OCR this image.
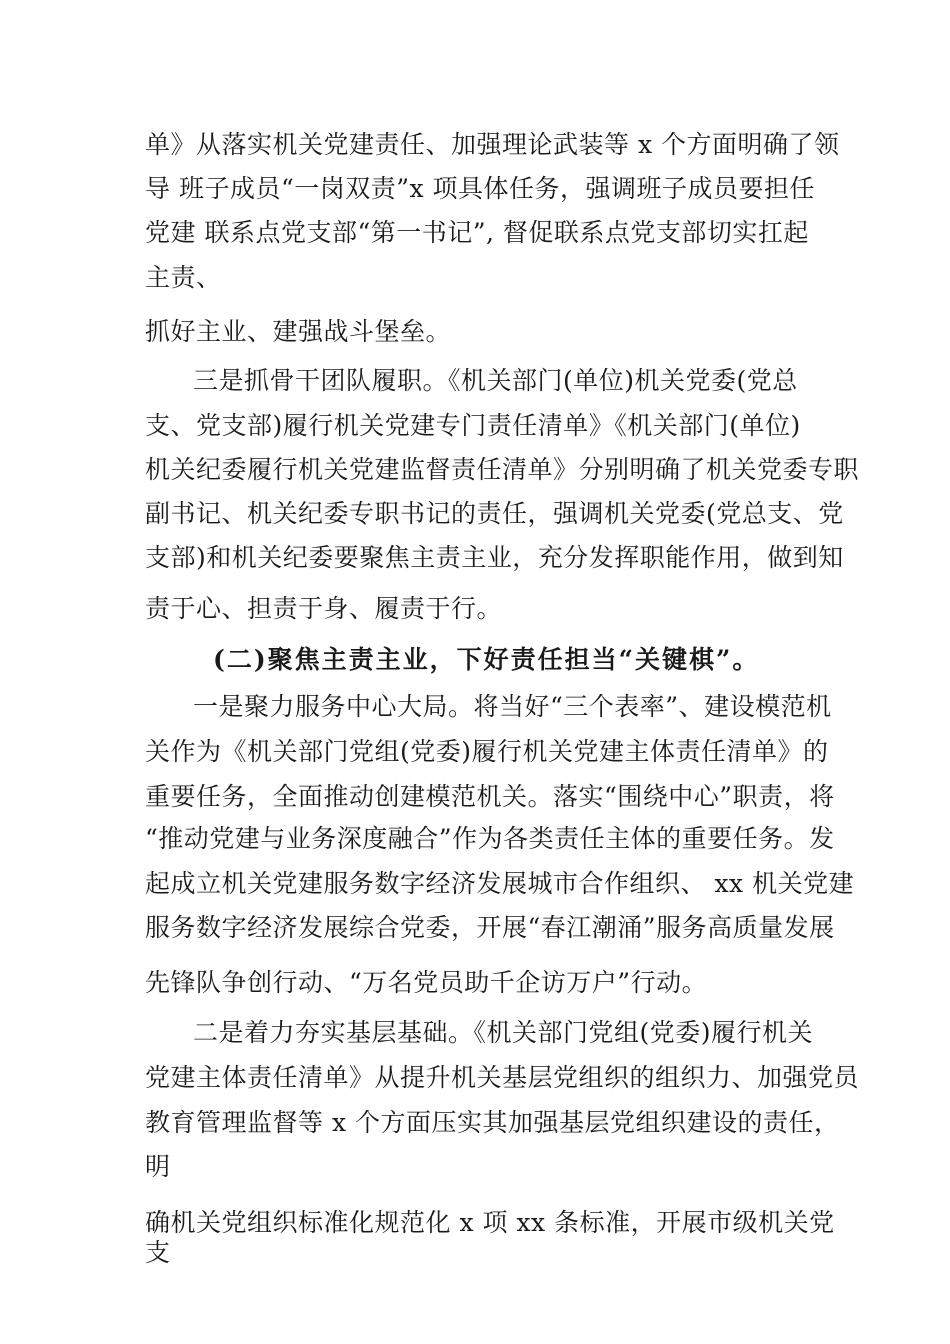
单》从落实机关党建责任、加强理论武装等 x 个方面明确了领
导 班子成员“一岗双责”x 项具体任务，强调班子成员要担任
党建 联系点党支部“第一书记”, 督促联系点党支部切实扛起
主责、
抓好主业、建强战斗堡垒。
三是抓骨干团队履职。《机关部门(单位)机关党委(党总
支、党支部)履行机关党建专门责任清单》《机关部门(单位)
机关纪委履行机关党建监督责任清单》分别明确了机关党委专职
副书记、机关纪委专职书记的责任，强调机关党委(党总支、党
支部)和机关纪委要聚焦主责主业，充分发挥职能作用，做到知
责于心、担责于身、履责于行。
(二)聚焦主责主业，下好责任担当“关键棋”。
一是聚力服务中心大局。将当好“三个表率”、建设模范机
关作为《机关部门党组(党委)履行机关党建主体责任清单》的
重要任务，全面推动创建模范机关。落实“围绕中心”职责，将
“推动党建与业务深度融合”作为各类责任主体的重要任务。发
起成立机关党建服务数字经济发展城市合作组织、 xx 机关党建
服务数字经济发展综合党委，开展“春江潮涌”服务高质量发展
先锋队争创行动、“万名党员助千企访万户”行动。
二是着力夯实基层基础。《机关部门党组(党委)履行机关
党建主体责任清单》从提升机关基层党组织的组织力、加强党员
教育管理监督等 x 个方面压实其加强基层党组织建设的责任，
明
确机关党组织标准化规范化 x 项 xx 条标准，开展市级机关党
支
